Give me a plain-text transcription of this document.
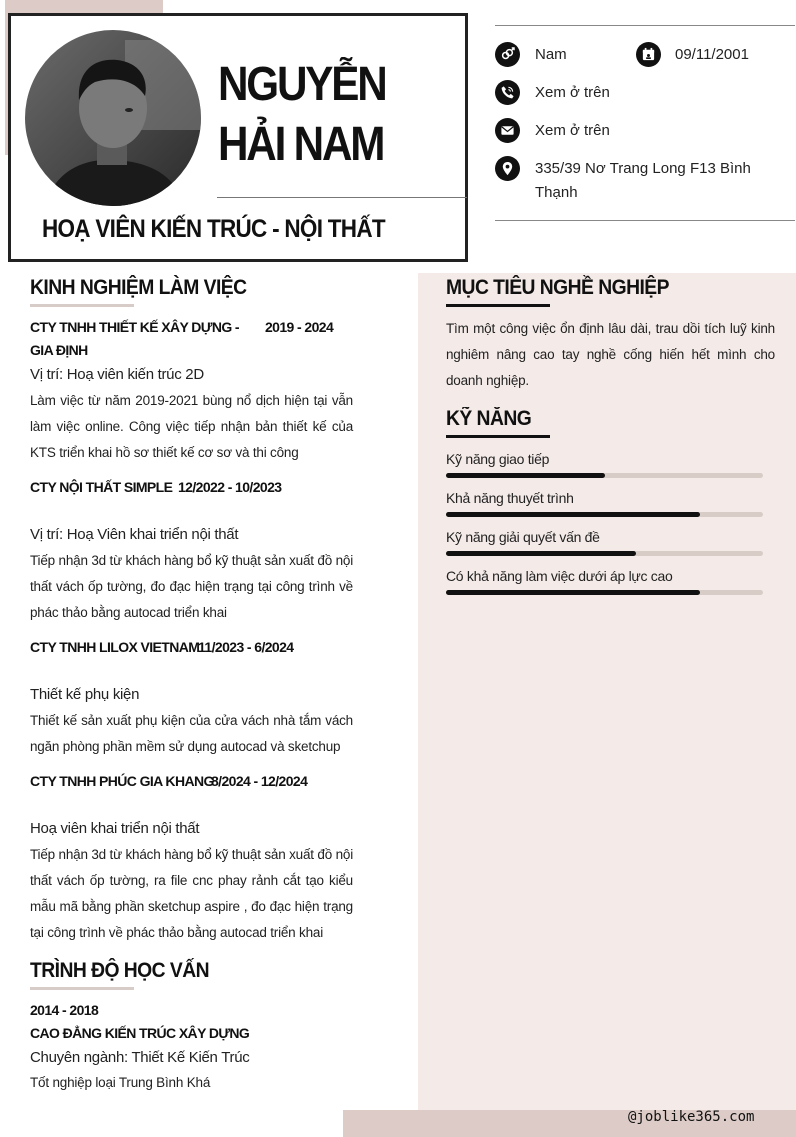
NGUYỄN
HẢI NAM
HOẠ VIÊN KIẾN TRÚC - NỘI THẤT
Nam	09/11/2001
Xem ở trên
Xem ở trên
335/39 Nơ Trang Long F13 Bình Thạnh
KINH NGHIỆM LÀM VIỆC
CTY TNHH THIẾT KẾ XÂY DỰNG - GIA ĐỊNH
2019 - 2024
Vị trí: Hoạ viên kiến trúc 2D
Làm việc từ năm 2019-2021 bùng nổ dịch hiện tại vẫn làm việc online. Công việc tiếp nhận bản thiết kế của KTS triển khai hồ sơ thiết kế cơ sơ và thi công
CTY NỘI THẤT SIMPLE 12/2022 - 10/2023
Vị trí: Hoạ Viên khai triển nội thất
Tiếp nhận 3d từ khách hàng bổ kỹ thuật sản xuất đồ nội thất vách ốp tường, đo đạc hiện trạng tại công trình về phác thảo bằng autocad triển khai
CTY TNHH LILOX VIETNAM
11/2023 - 6/2024
Thiết kế phụ kiện
Thiết kế sản xuất phụ kiện của cửa vách nhà tắm vách ngăn phòng phần mềm sử dụng autocad và sketchup
CTY TNHH PHÚC GIA KHANG
8/2024 - 12/2024
Hoạ viên khai triển nội thất
Tiếp nhận 3d từ khách hàng bổ kỹ thuật sản xuất đồ nội thất vách ốp tường, ra file cnc phay rảnh cắt tạo kiểu mẫu mã bằng phần sketchup aspire , đo đạc hiện trạng tại công trình về phác thảo bằng autocad triển khai
TRÌNH ĐỘ HỌC VẤN
2014 - 2018
CAO ĐẲNG KIẾN TRÚC XÂY DỰNG
Chuyên ngành: Thiết Kế Kiến Trúc
Tốt nghiệp loại Trung Bình Khá
MỤC TIÊU NGHỀ NGHIỆP
Tìm một công việc ổn định lâu dài, trau dồi tích luỹ kinh nghiêm nâng cao tay nghề cống hiến hết mình cho doanh nghiệp.
KỸ NĂNG
Kỹ năng giao tiếp
Khả năng thuyết trình
Kỹ năng giải quyết vấn đề
Có khả năng làm việc dưới áp lực cao
@joblike365.com
